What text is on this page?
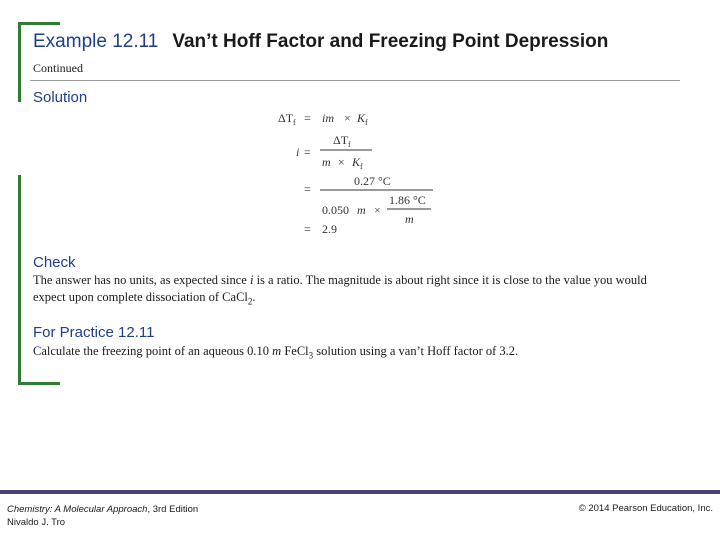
Example 12.11 Van’t Hoff Factor and Freezing Point Depression
Continued
Solution
$\Delta T_f$ = im × $K_f$
i =
$\Delta T_f$
$m \times K_f$
=
0.27 °C
0.050 m ×
1.86 °C
m
= 2.9
Check

The answer has no units, as expected since i is a ratio. The magnitude is about right since it is close to the value you would expect upon complete dissociation of CaCl$_2$.

For Practice 12.11

Calculate the freezing point of an aqueous 0.10 m FeCl$_3$ solution using a van’t Hoff factor of 3.2.

Chemistry: A Molecular Approach, 3rd Edition
Nivaldo J. Tro
© 2014 Pearson Education, Inc.
